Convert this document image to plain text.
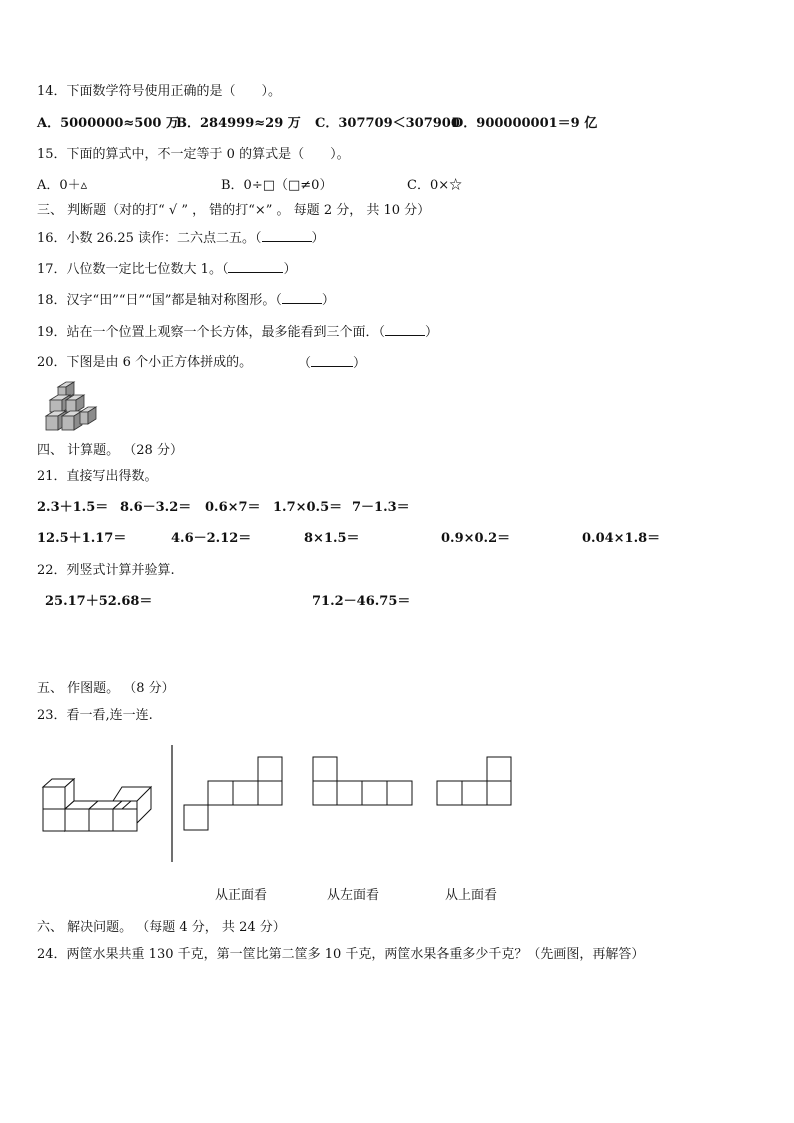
14．下面数学符号使用正确的是（　　）。
A．5000000≈500 万
B．284999≈29 万 C．307709＜307900
D．900000001＝9 亿
15．下面的算式中，不一定等于 0 的算式是（　　）。
A．0＋▵	B．0÷□（□≠0）	C．0×☆
三、 判断题（对的打“ √ ” ， 错的打“×” 。 每题 2 分， 共 10 分）
16．小数 26.25 读作：二六点二五。（	）
17．八位数一定比七位数大 1。（	）
18．汉字“田”“日”“国”都是轴对称图形。（	）
19．站在一个位置上观察一个长方体，最多能看到三个面．（	）
20．下图是由 6 个小正方体拼成的。	（	）
四、 计算题。 （28 分）
21．直接写出得数。
2.3＋1.5＝ 8.6－3.2＝ 0.6×7＝ 1.7×0.5＝ 7－1.3＝
12.5＋1.17＝	4.6－2.12＝	8×1.5＝	0.9×0.2＝	0.04×1.8＝
22．列竖式计算并验算.
25.17＋52.68＝	71.2－46.75＝
五、 作图题。 （8 分）
23．看一看,连一连.
从正面看	从左面看	从上面看
六、 解决问题。 （每题 4 分， 共 24 分）
24．两筐水果共重 130 千克，第一筐比第二筐多 10 千克，两筐水果各重多少千克？（先画图，再解答）
